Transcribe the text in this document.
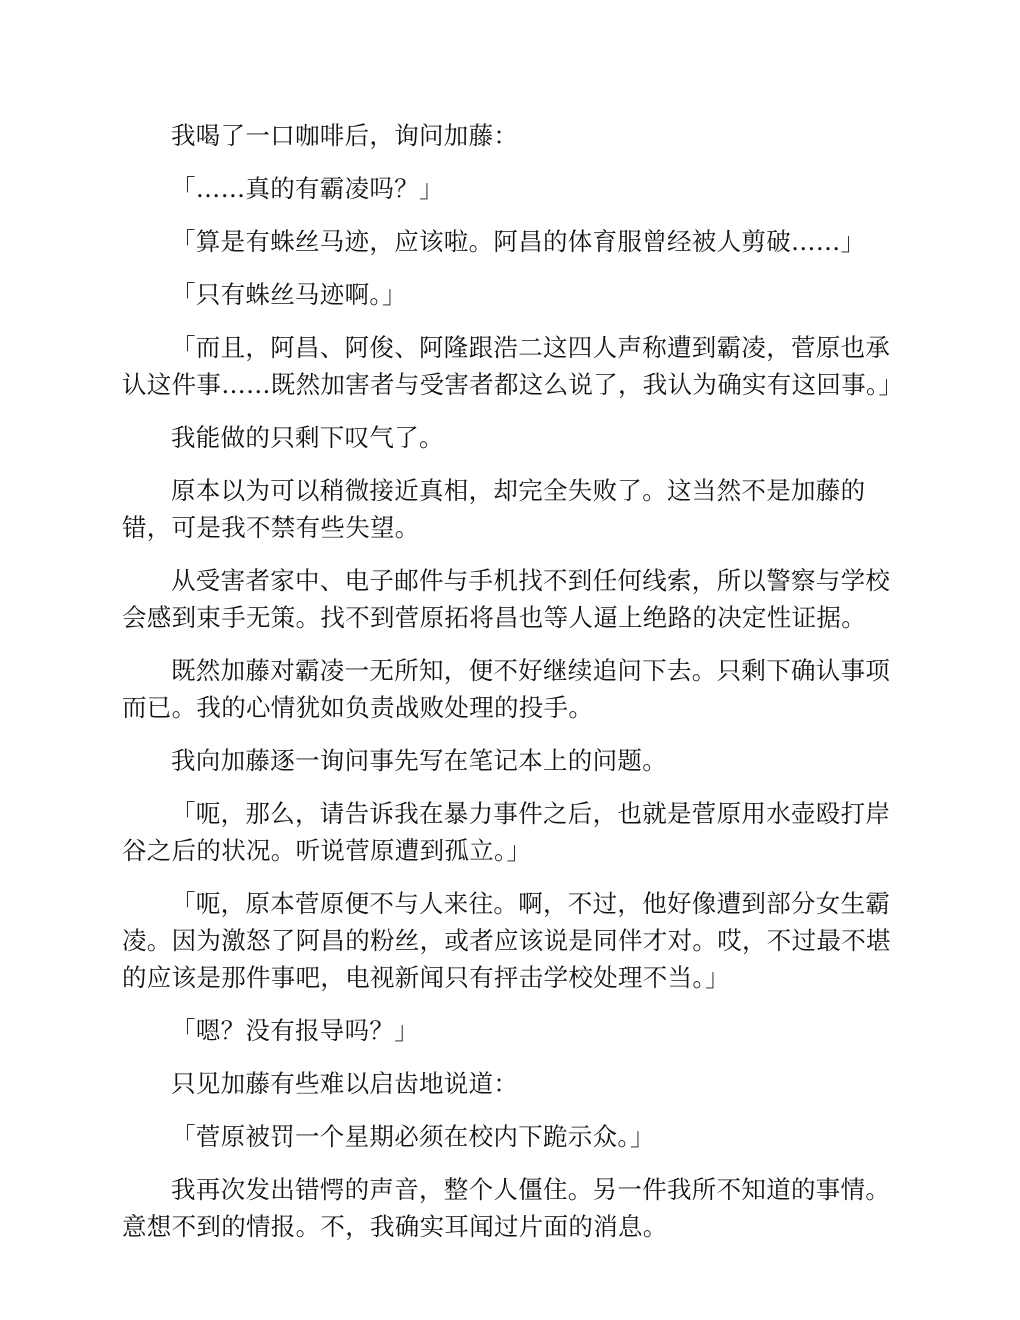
我喝了一口咖啡后，询问加藤：

「……真的有霸凌吗？」

「算是有蛛丝马迹，应该啦。阿昌的体育服曾经被人剪破……」

「只有蛛丝马迹啊。」

「而且，阿昌、阿俊、阿隆跟浩二这四人声称遭到霸凌，菅原也承认这件事……既然加害者与受害者都这么说了，我认为确实有这回事。」

我能做的只剩下叹气了。

原本以为可以稍微接近真相，却完全失败了。这当然不是加藤的错，可是我不禁有些失望。

从受害者家中、电子邮件与手机找不到任何线索，所以警察与学校会感到束手无策。找不到菅原拓将昌也等人逼上绝路的决定性证据。

既然加藤对霸凌一无所知，便不好继续追问下去。只剩下确认事项而已。我的心情犹如负责战败处理的投手。

我向加藤逐一询问事先写在笔记本上的问题。

「呃，那么，请告诉我在暴力事件之后，也就是菅原用水壶殴打岸谷之后的状况。听说菅原遭到孤立。」

「呃，原本菅原便不与人来往。啊，不过，他好像遭到部分女生霸凌。因为激怒了阿昌的粉丝，或者应该说是同伴才对。哎，不过最不堪的应该是那件事吧，电视新闻只有抨击学校处理不当。」

「嗯？没有报导吗？」

只见加藤有些难以启齿地说道：

「菅原被罚一个星期必须在校内下跪示众。」

我再次发出错愕的声音，整个人僵住。另一件我所不知道的事情。意想不到的情报。不，我确实耳闻过片面的消息。
